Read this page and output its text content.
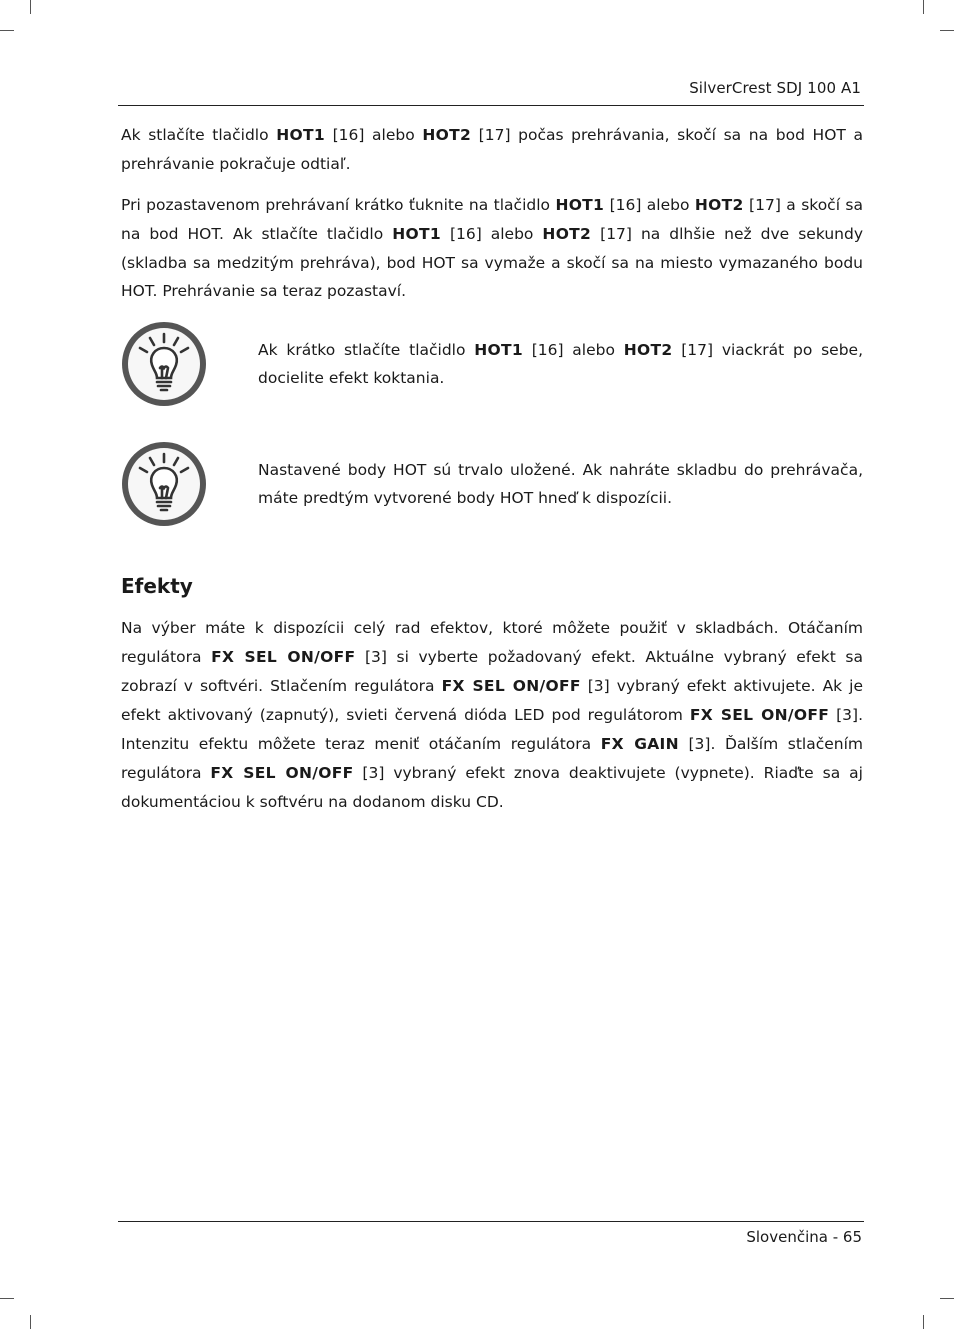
SilverCrest SDJ 100 A1

Ak stlačíte tlačidlo HOT1 [16] alebo HOT2 [17] počas prehrávania, skočí sa na bod HOT a prehrávanie pokračuje odtiaľ.

Pri pozastavenom prehrávaní krátko ťuknite na tlačidlo HOT1 [16] alebo HOT2 [17] a skočí sa na bod HOT. Ak stlačíte tlačidlo HOT1 [16] alebo HOT2 [17] na dlhšie než dve sekundy (skladba sa medzitým prehráva), bod HOT sa vymaže a skočí sa na miesto vymazaného bodu HOT. Prehrávanie sa teraz pozastaví.

Ak krátko stlačíte tlačidlo HOT1 [16] alebo HOT2 [17] viackrát po sebe, docielite efekt koktania.

Nastavené body HOT sú trvalo uložené. Ak nahráte skladbu do prehrávača, máte predtým vytvorené body HOT hneď k dispozícii.

Efekty

Na výber máte k dispozícii celý rad efektov, ktoré môžete použiť v skladbách. Otáčaním regulátora FX SEL ON/OFF [3] si vyberte požadovaný efekt. Aktuálne vybraný efekt sa zobrazí v softvéri. Stlačením regulátora FX SEL ON/OFF [3] vybraný efekt aktivujete. Ak je efekt aktivovaný (zapnutý), svieti červená dióda LED pod regulátorom FX SEL ON/OFF [3]. Intenzitu efektu môžete teraz meniť otáčaním regulátora FX GAIN [3]. Ďalším stlačením regulátora FX SEL ON/OFF [3] vybraný efekt znova deaktivujete (vypnete). Riaďte sa aj dokumentáciou k softvéru na dodanom disku CD.

Slovenčina - 65
